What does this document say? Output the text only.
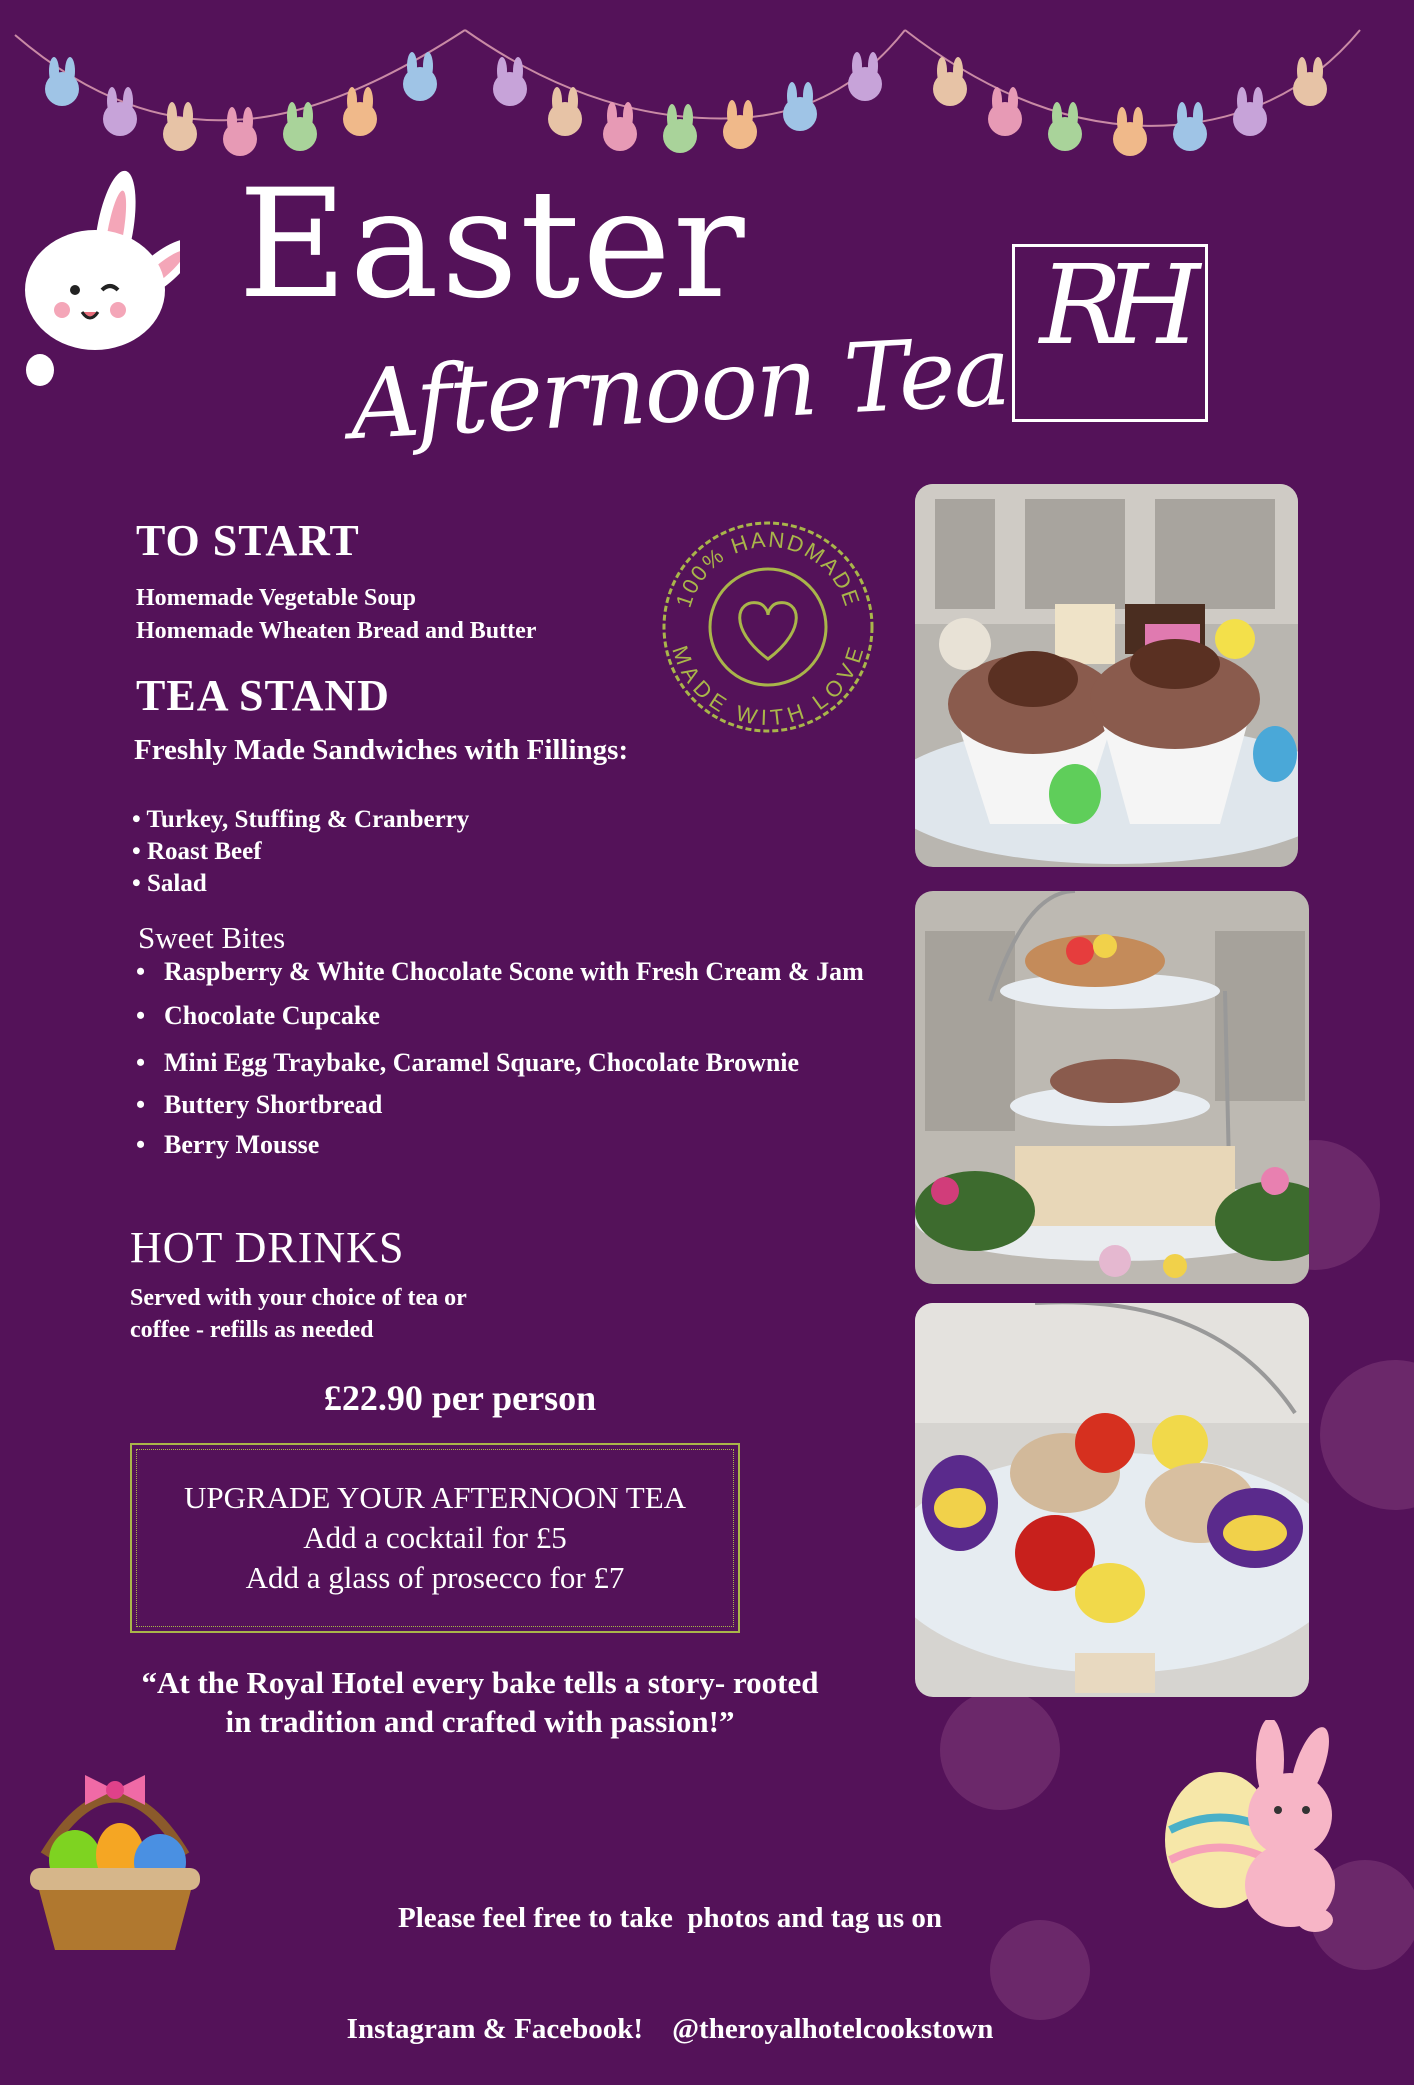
Easter
Afternoon Tea
RH
100% HANDMADE
MADE WITH LOVE
TO START
Homemade Vegetable Soup
Homemade Wheaten Bread and Butter
TEA STAND
Freshly Made Sandwiches with Fillings:
• Turkey, Stuffing & Cranberry
• Roast Beef
• Salad
Sweet Bites
• Raspberry & White Chocolate Scone with Fresh Cream & Jam
• Chocolate Cupcake
• Mini Egg Traybake, Caramel Square, Chocolate Brownie
• Buttery Shortbread
• Berry Mousse
HOT DRINKS
Served with your choice of tea or
coffee - refills as needed
£22.90 per person
UPGRADE YOUR AFTERNOON TEA
Add a cocktail for £5
Add a glass of prosecco for £7
“At the Royal Hotel every bake tells a story- rooted
in tradition and crafted with passion!”

Please feel free to take  photos and tag us on

Instagram & Facebook!    @theroyalhotelcookstown
